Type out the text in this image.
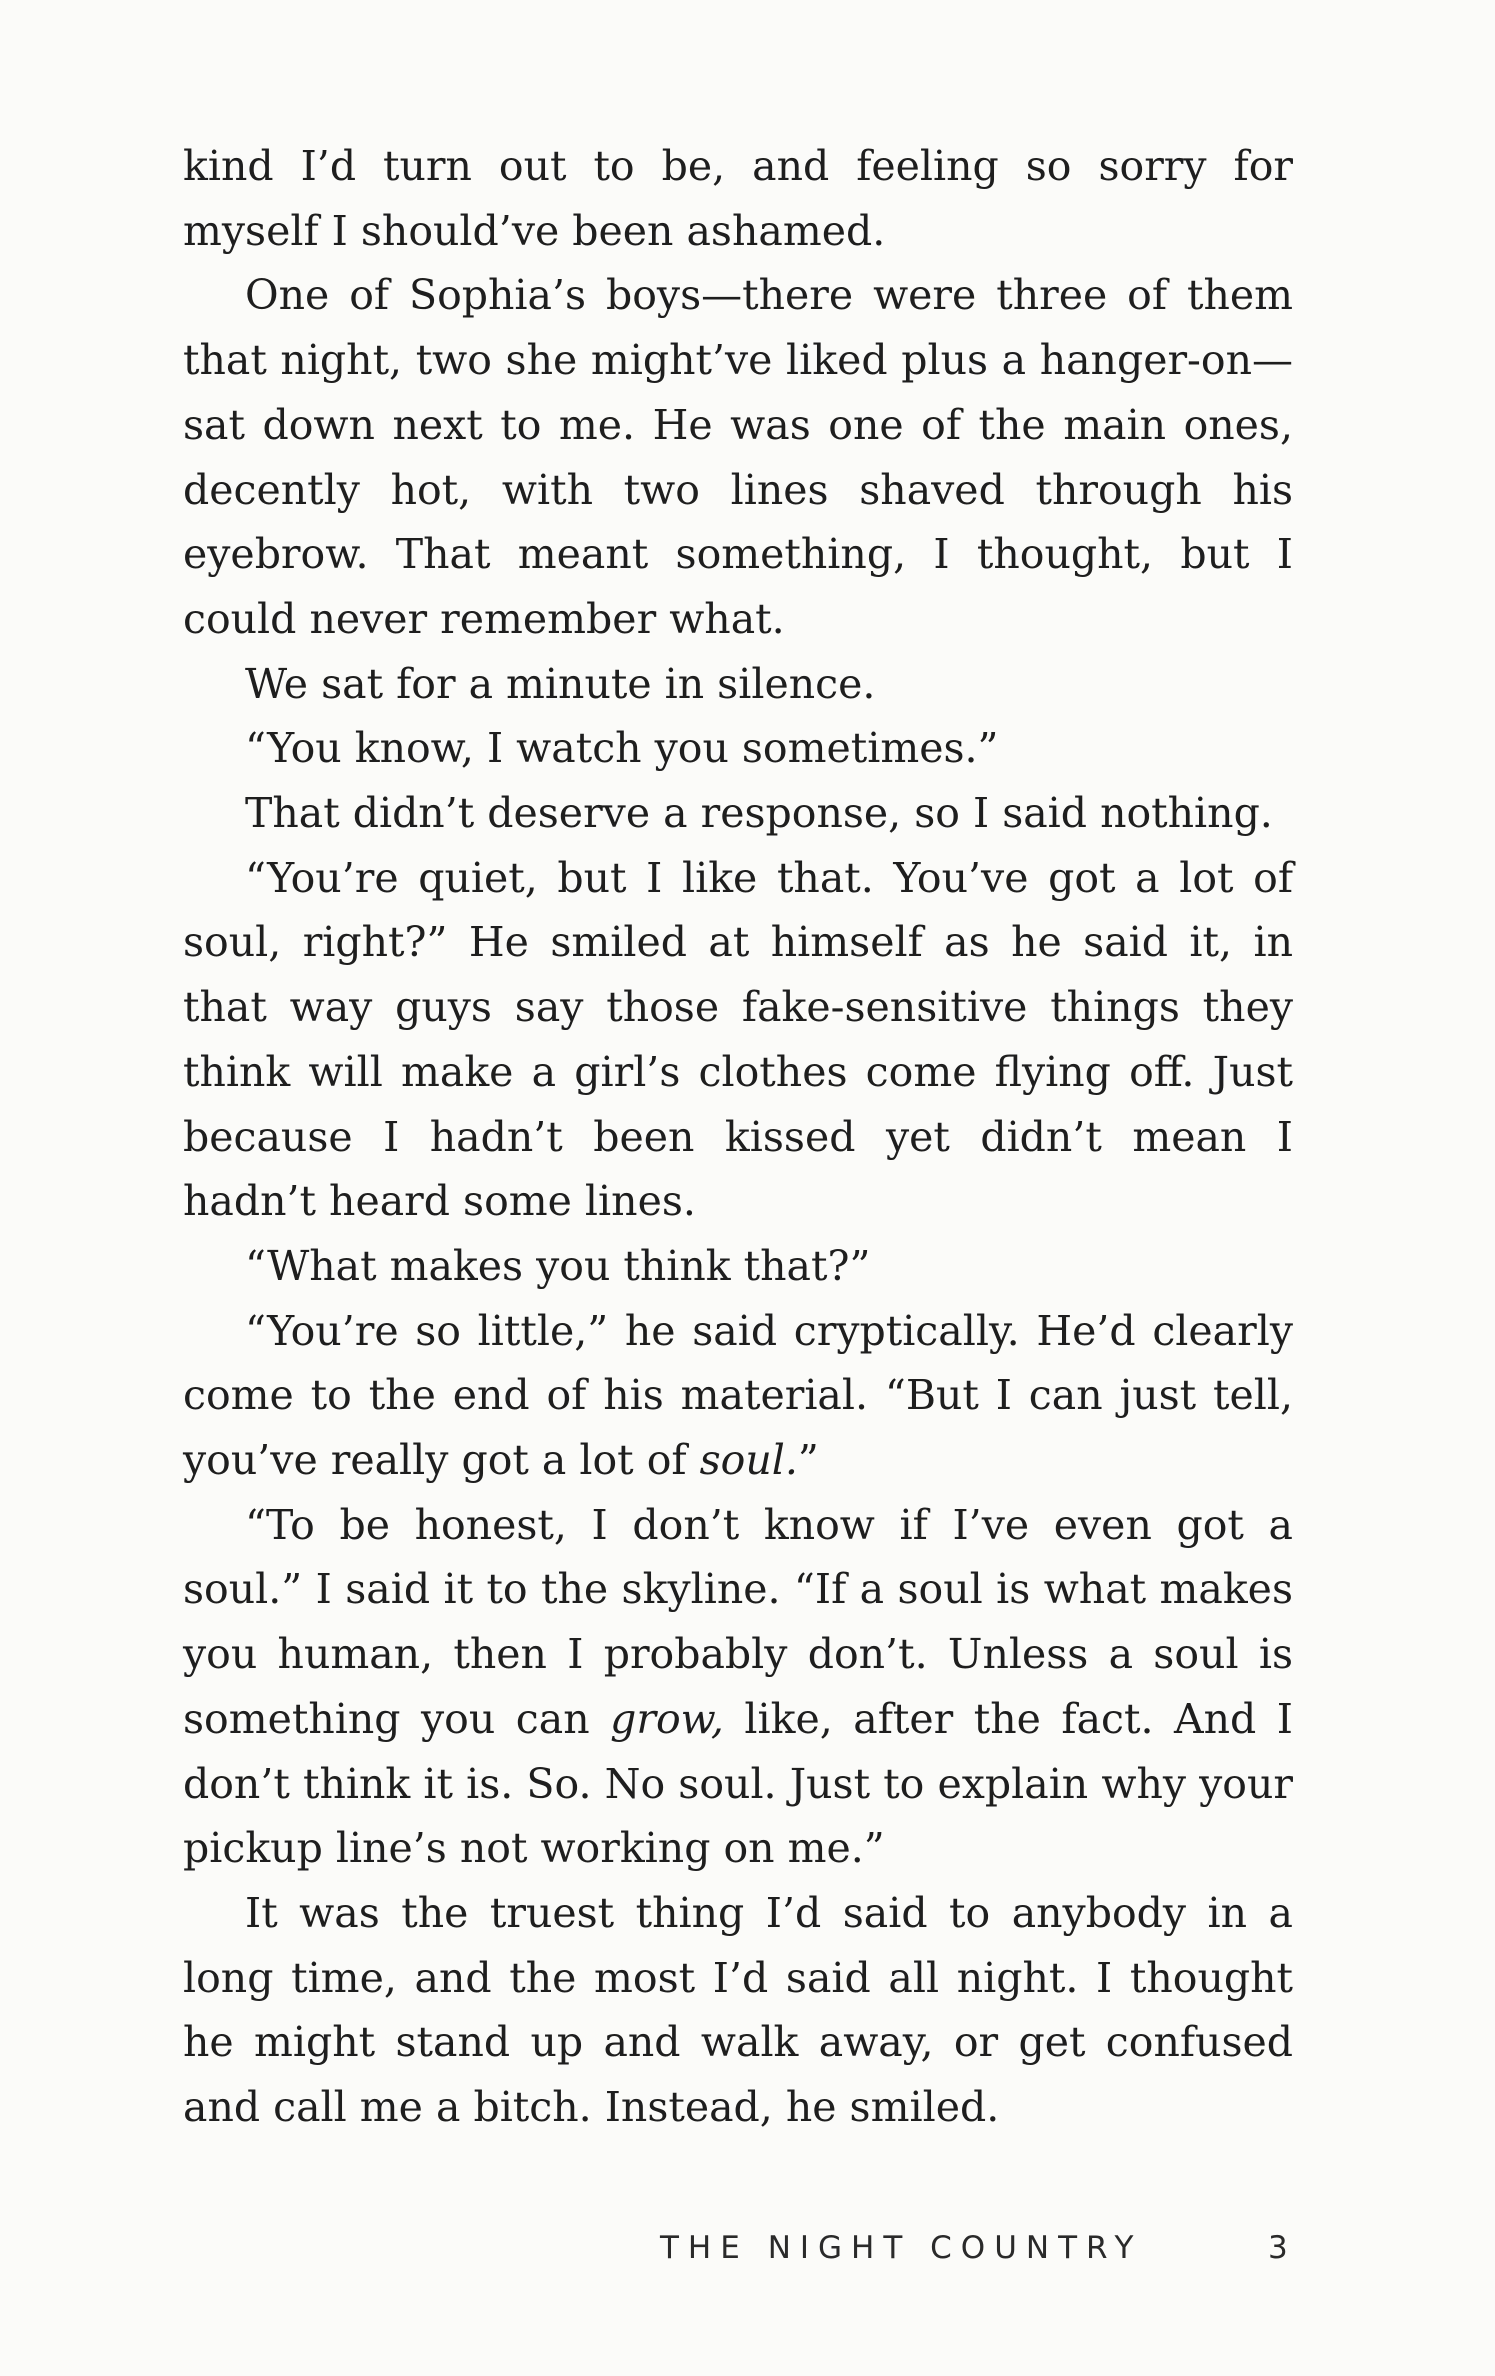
kind I’d turn out to be, and feeling so sorry for myself I should’ve been ashamed.

One of Sophia’s boys—there were three of them that night, two she might’ve liked plus a hanger-on—sat down next to me. He was one of the main ones, decently hot, with two lines shaved through his eyebrow. That meant something, I thought, but I could never remember what.

We sat for a minute in silence.

“You know, I watch you sometimes.”

That didn’t deserve a response, so I said nothing.

“You’re quiet, but I like that. You’ve got a lot of soul, right?” He smiled at himself as he said it, in that way guys say those fake-sensitive things they think will make a girl’s clothes come flying off. Just because I hadn’t been kissed yet didn’t mean I hadn’t heard some lines.

“What makes you think that?”

“You’re so little,” he said cryptically. He’d clearly come to the end of his material. “But I can just tell, you’ve really got a lot of soul.”

“To be honest, I don’t know if I’ve even got a soul.” I said it to the skyline. “If a soul is what makes you human, then I probably don’t. Unless a soul is something you can grow, like, after the fact. And I don’t think it is. So. No soul. Just to explain why your pickup line’s not working on me.”

It was the truest thing I’d said to anybody in a long time, and the most I’d said all night. I thought he might stand up and walk away, or get confused and call me a bitch. Instead, he smiled.

THE NIGHT COUNTRY	3
